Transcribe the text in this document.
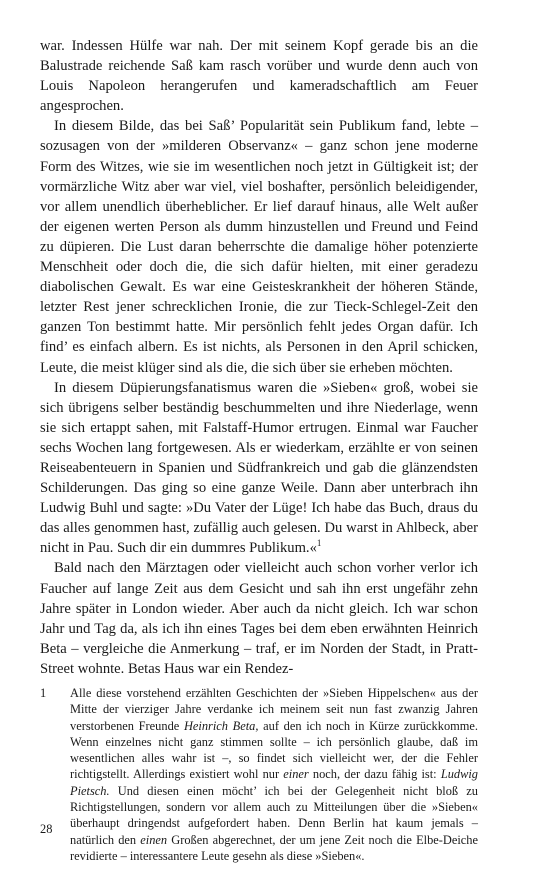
war. Indessen Hülfe war nah. Der mit seinem Kopf gerade bis an die Balustrade reichende Saß kam rasch vorüber und wurde denn auch von Louis Napoleon herangerufen und kameradschaftlich am Feuer angesprochen.

In diesem Bilde, das bei Saß’ Popularität sein Publikum fand, lebte – sozusagen von der »milderen Observanz« – ganz schon jene moderne Form des Witzes, wie sie im wesentlichen noch jetzt in Gültigkeit ist; der vormärzliche Witz aber war viel, viel boshafter, persönlich beleidigender, vor allem unendlich überheblicher. Er lief darauf hinaus, alle Welt außer der eigenen werten Person als dumm hinzustellen und Freund und Feind zu düpieren. Die Lust daran beherrschte die damalige höher potenzierte Menschheit oder doch die, die sich dafür hielten, mit einer geradezu diabolischen Gewalt. Es war eine Geisteskrankheit der höheren Stände, letzter Rest jener schrecklichen Ironie, die zur Tieck-Schlegel-Zeit den ganzen Ton bestimmt hatte. Mir persönlich fehlt jedes Organ dafür. Ich find’ es einfach albern. Es ist nichts, als Personen in den April schicken, Leute, die meist klüger sind als die, die sich über sie erheben möchten.

In diesem Düpierungsfanatismus waren die »Sieben« groß, wobei sie sich übrigens selber beständig beschummelten und ihre Niederlage, wenn sie sich ertappt sahen, mit Falstaff-Humor ertrugen. Einmal war Faucher sechs Wochen lang fortgewesen. Als er wiederkam, erzählte er von seinen Reiseabenteuern in Spanien und Südfrankreich und gab die glänzendsten Schilderungen. Das ging so eine ganze Weile. Dann aber unterbrach ihn Ludwig Buhl und sagte: »Du Vater der Lüge! Ich habe das Buch, draus du das alles genommen hast, zufällig auch gelesen. Du warst in Ahlbeck, aber nicht in Pau. Such dir ein dummres Publikum.«$^1$

Bald nach den Märztagen oder vielleicht auch schon vorher verlor ich Faucher auf lange Zeit aus dem Gesicht und sah ihn erst ungefähr zehn Jahre später in London wieder. Aber auch da nicht gleich. Ich war schon Jahr und Tag da, als ich ihn eines Tages bei dem eben erwähnten Heinrich Beta – vergleiche die Anmerkung – traf, er im Norden der Stadt, in Pratt-Street wohnte. Betas Haus war ein Rendez-

1	Alle diese vorstehend erzählten Geschichten der »Sieben Hippelschen« aus der Mitte der vierziger Jahre verdanke ich meinem seit nun fast zwanzig Jahren verstorbenen Freunde Heinrich Beta, auf den ich noch in Kürze zurückkomme. Wenn einzelnes nicht ganz stimmen sollte – ich persönlich glaube, daß im wesentlichen alles wahr ist –, so findet sich vielleicht wer, der die Fehler richtigstellt. Allerdings existiert wohl nur einer noch, der dazu fähig ist: Ludwig Pietsch. Und diesen einen möcht’ ich bei der Gelegenheit nicht bloß zu Richtigstellungen, sondern vor allem auch zu Mitteilungen über die »Sieben« überhaupt dringendst aufgefordert haben. Denn Berlin hat kaum jemals – natürlich den einen Großen abgerechnet, der um jene Zeit noch die Elbe-Deiche revidierte – interessantere Leute gesehn als diese »Sieben«.
28
